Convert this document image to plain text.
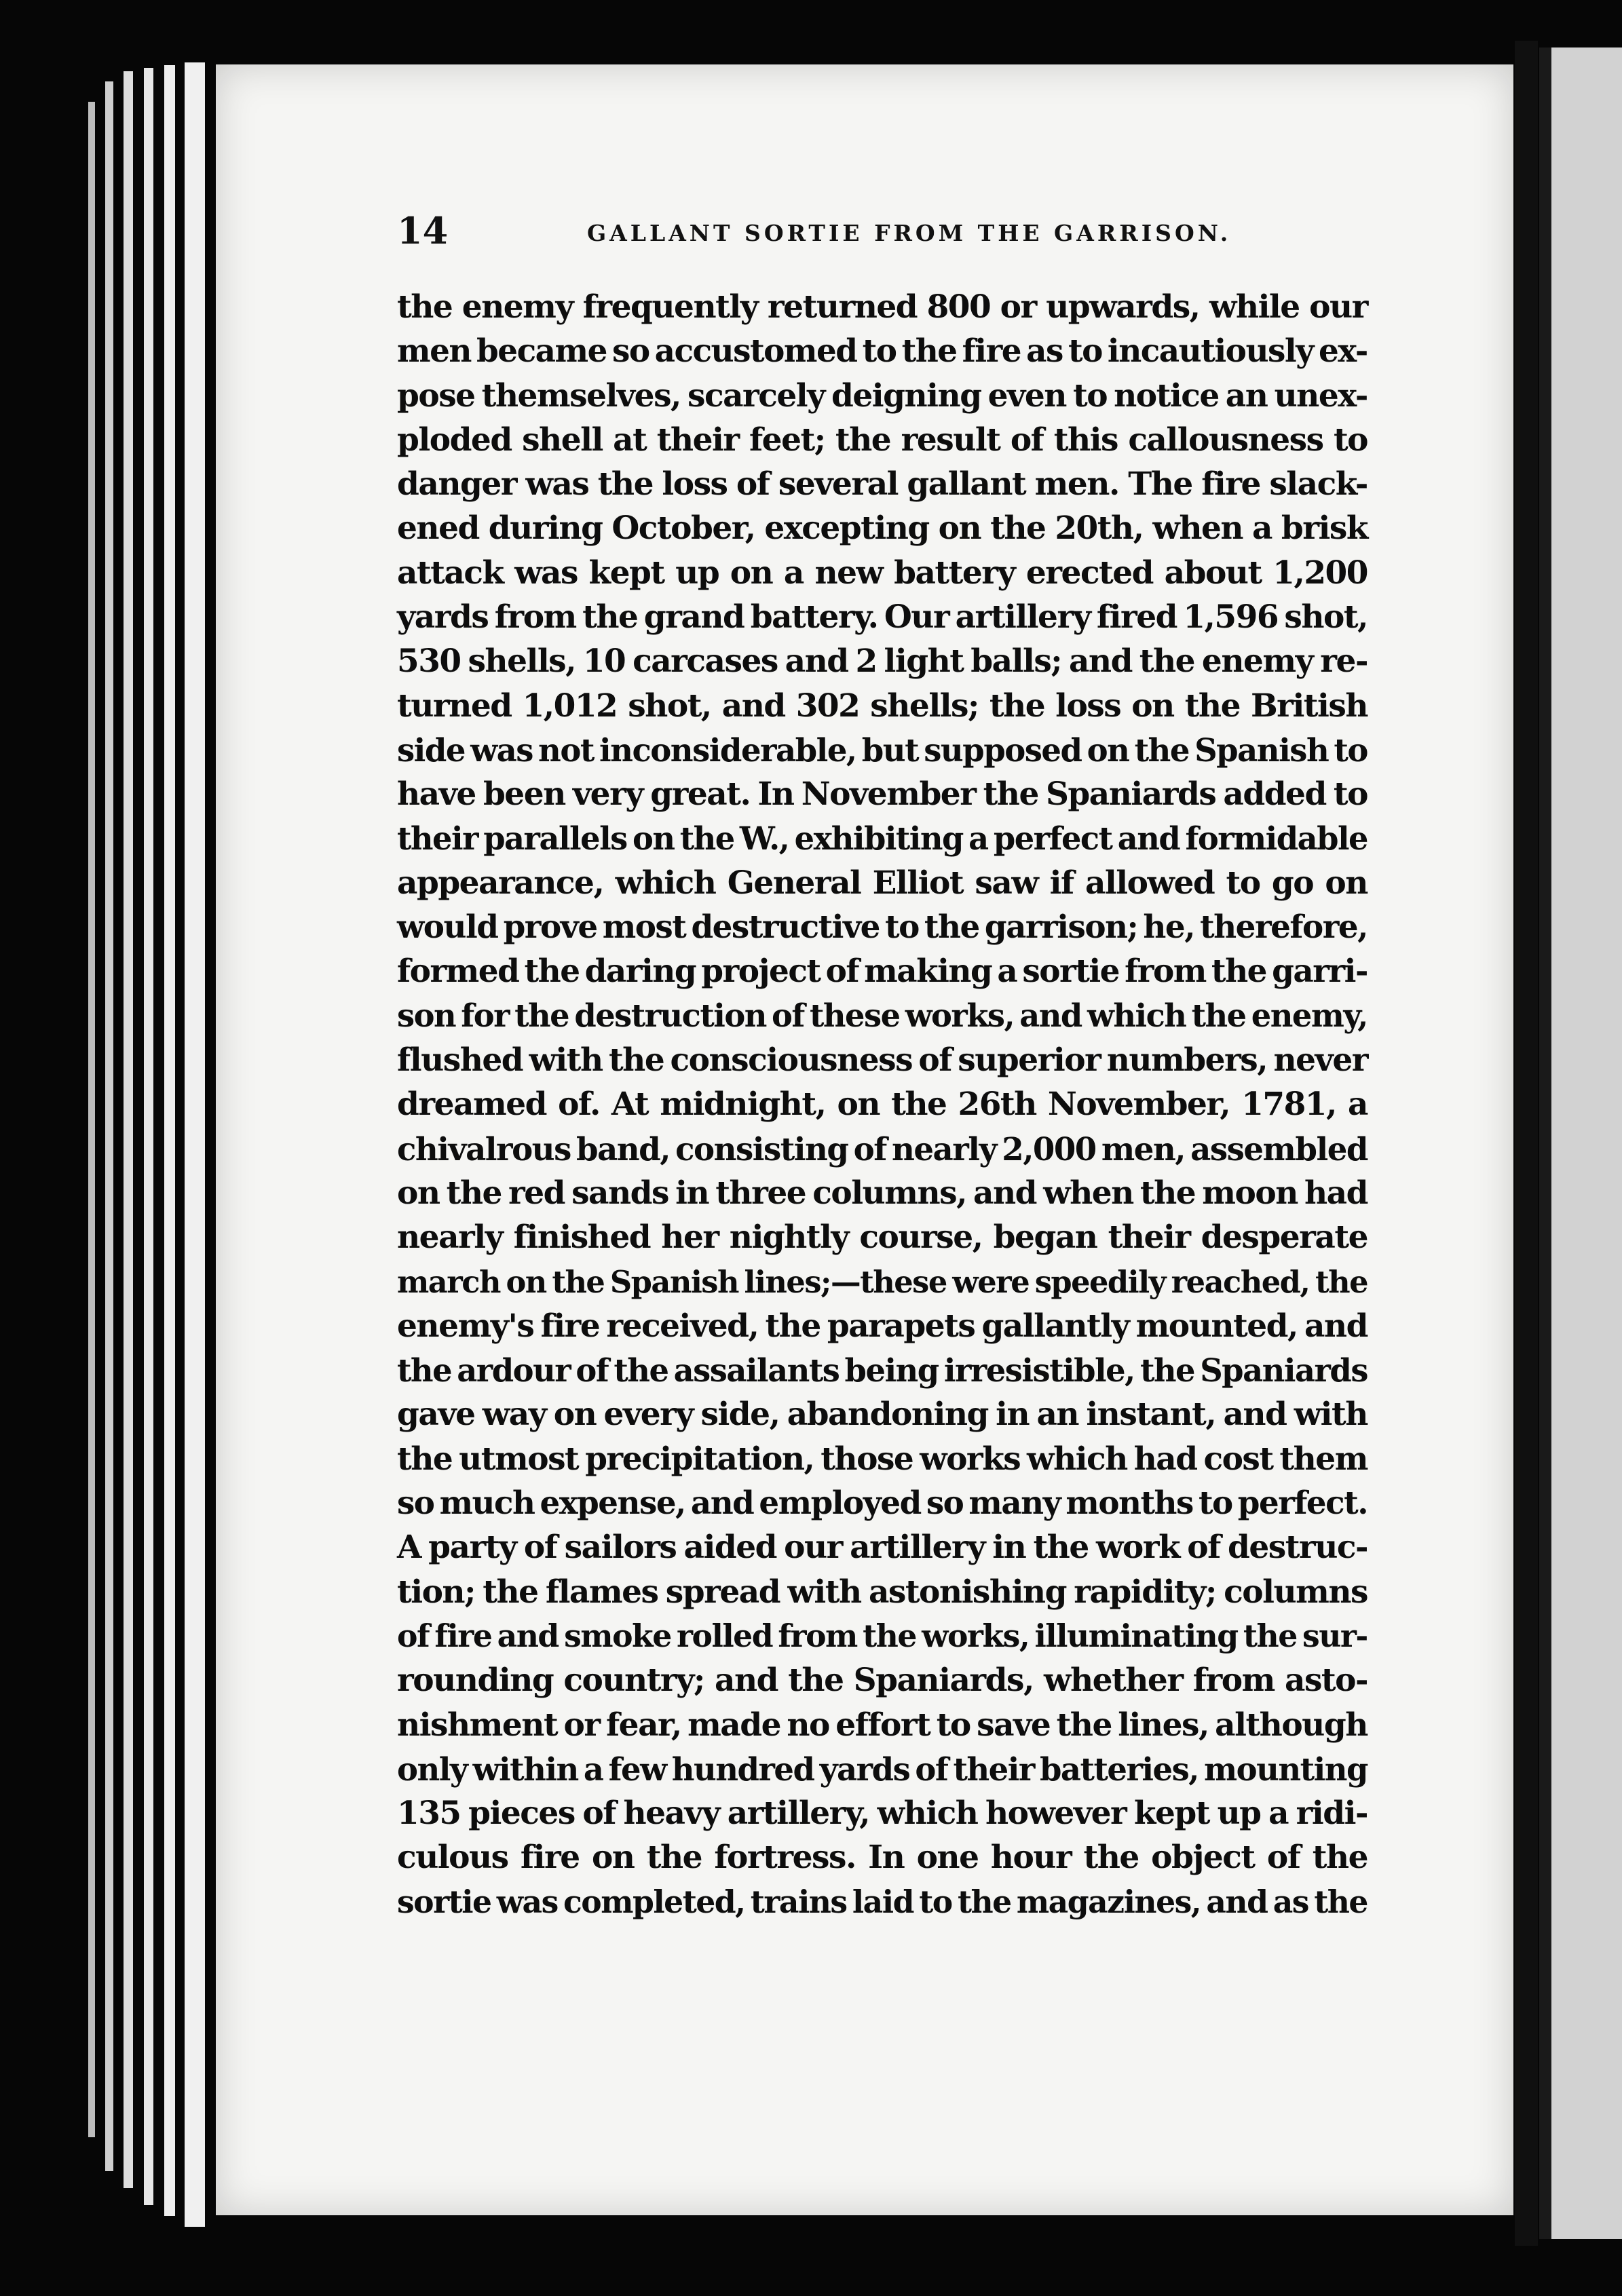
14	GALLANT SORTIE FROM THE GARRISON.
the enemy frequently returned 800 or upwards, while our
men became so accustomed to the fire as to incautiously ex-
pose themselves, scarcely deigning even to notice an unex-
ploded shell at their feet; the result of this callousness to
danger was the loss of several gallant men. The fire slack-
ened during October, excepting on the 20th, when a brisk
attack was kept up on a new battery erected about 1,200
yards from the grand battery. Our artillery fired 1,596 shot,
530 shells, 10 carcases and 2 light balls; and the enemy re-
turned 1,012 shot, and 302 shells; the loss on the British
side was not inconsiderable, but supposed on the Spanish to
have been very great. In November the Spaniards added to
their parallels on the W., exhibiting a perfect and formidable
appearance, which General Elliot saw if allowed to go on
would prove most destructive to the garrison; he, therefore,
formed the daring project of making a sortie from the garri-
son for the destruction of these works, and which the enemy,
flushed with the consciousness of superior numbers, never
dreamed of. At midnight, on the 26th November, 1781, a
chivalrous band, consisting of nearly 2,000 men, assembled
on the red sands in three columns, and when the moon had
nearly finished her nightly course, began their desperate
march on the Spanish lines;—these were speedily reached, the
enemy's fire received, the parapets gallantly mounted, and
the ardour of the assailants being irresistible, the Spaniards
gave way on every side, abandoning in an instant, and with
the utmost precipitation, those works which had cost them
so much expense, and employed so many months to perfect.
A party of sailors aided our artillery in the work of destruc-
tion; the flames spread with astonishing rapidity; columns
of fire and smoke rolled from the works, illuminating the sur-
rounding country; and the Spaniards, whether from asto-
nishment or fear, made no effort to save the lines, although
only within a few hundred yards of their batteries, mounting
135 pieces of heavy artillery, which however kept up a ridi-
culous fire on the fortress. In one hour the object of the
sortie was completed, trains laid to the magazines, and as the
